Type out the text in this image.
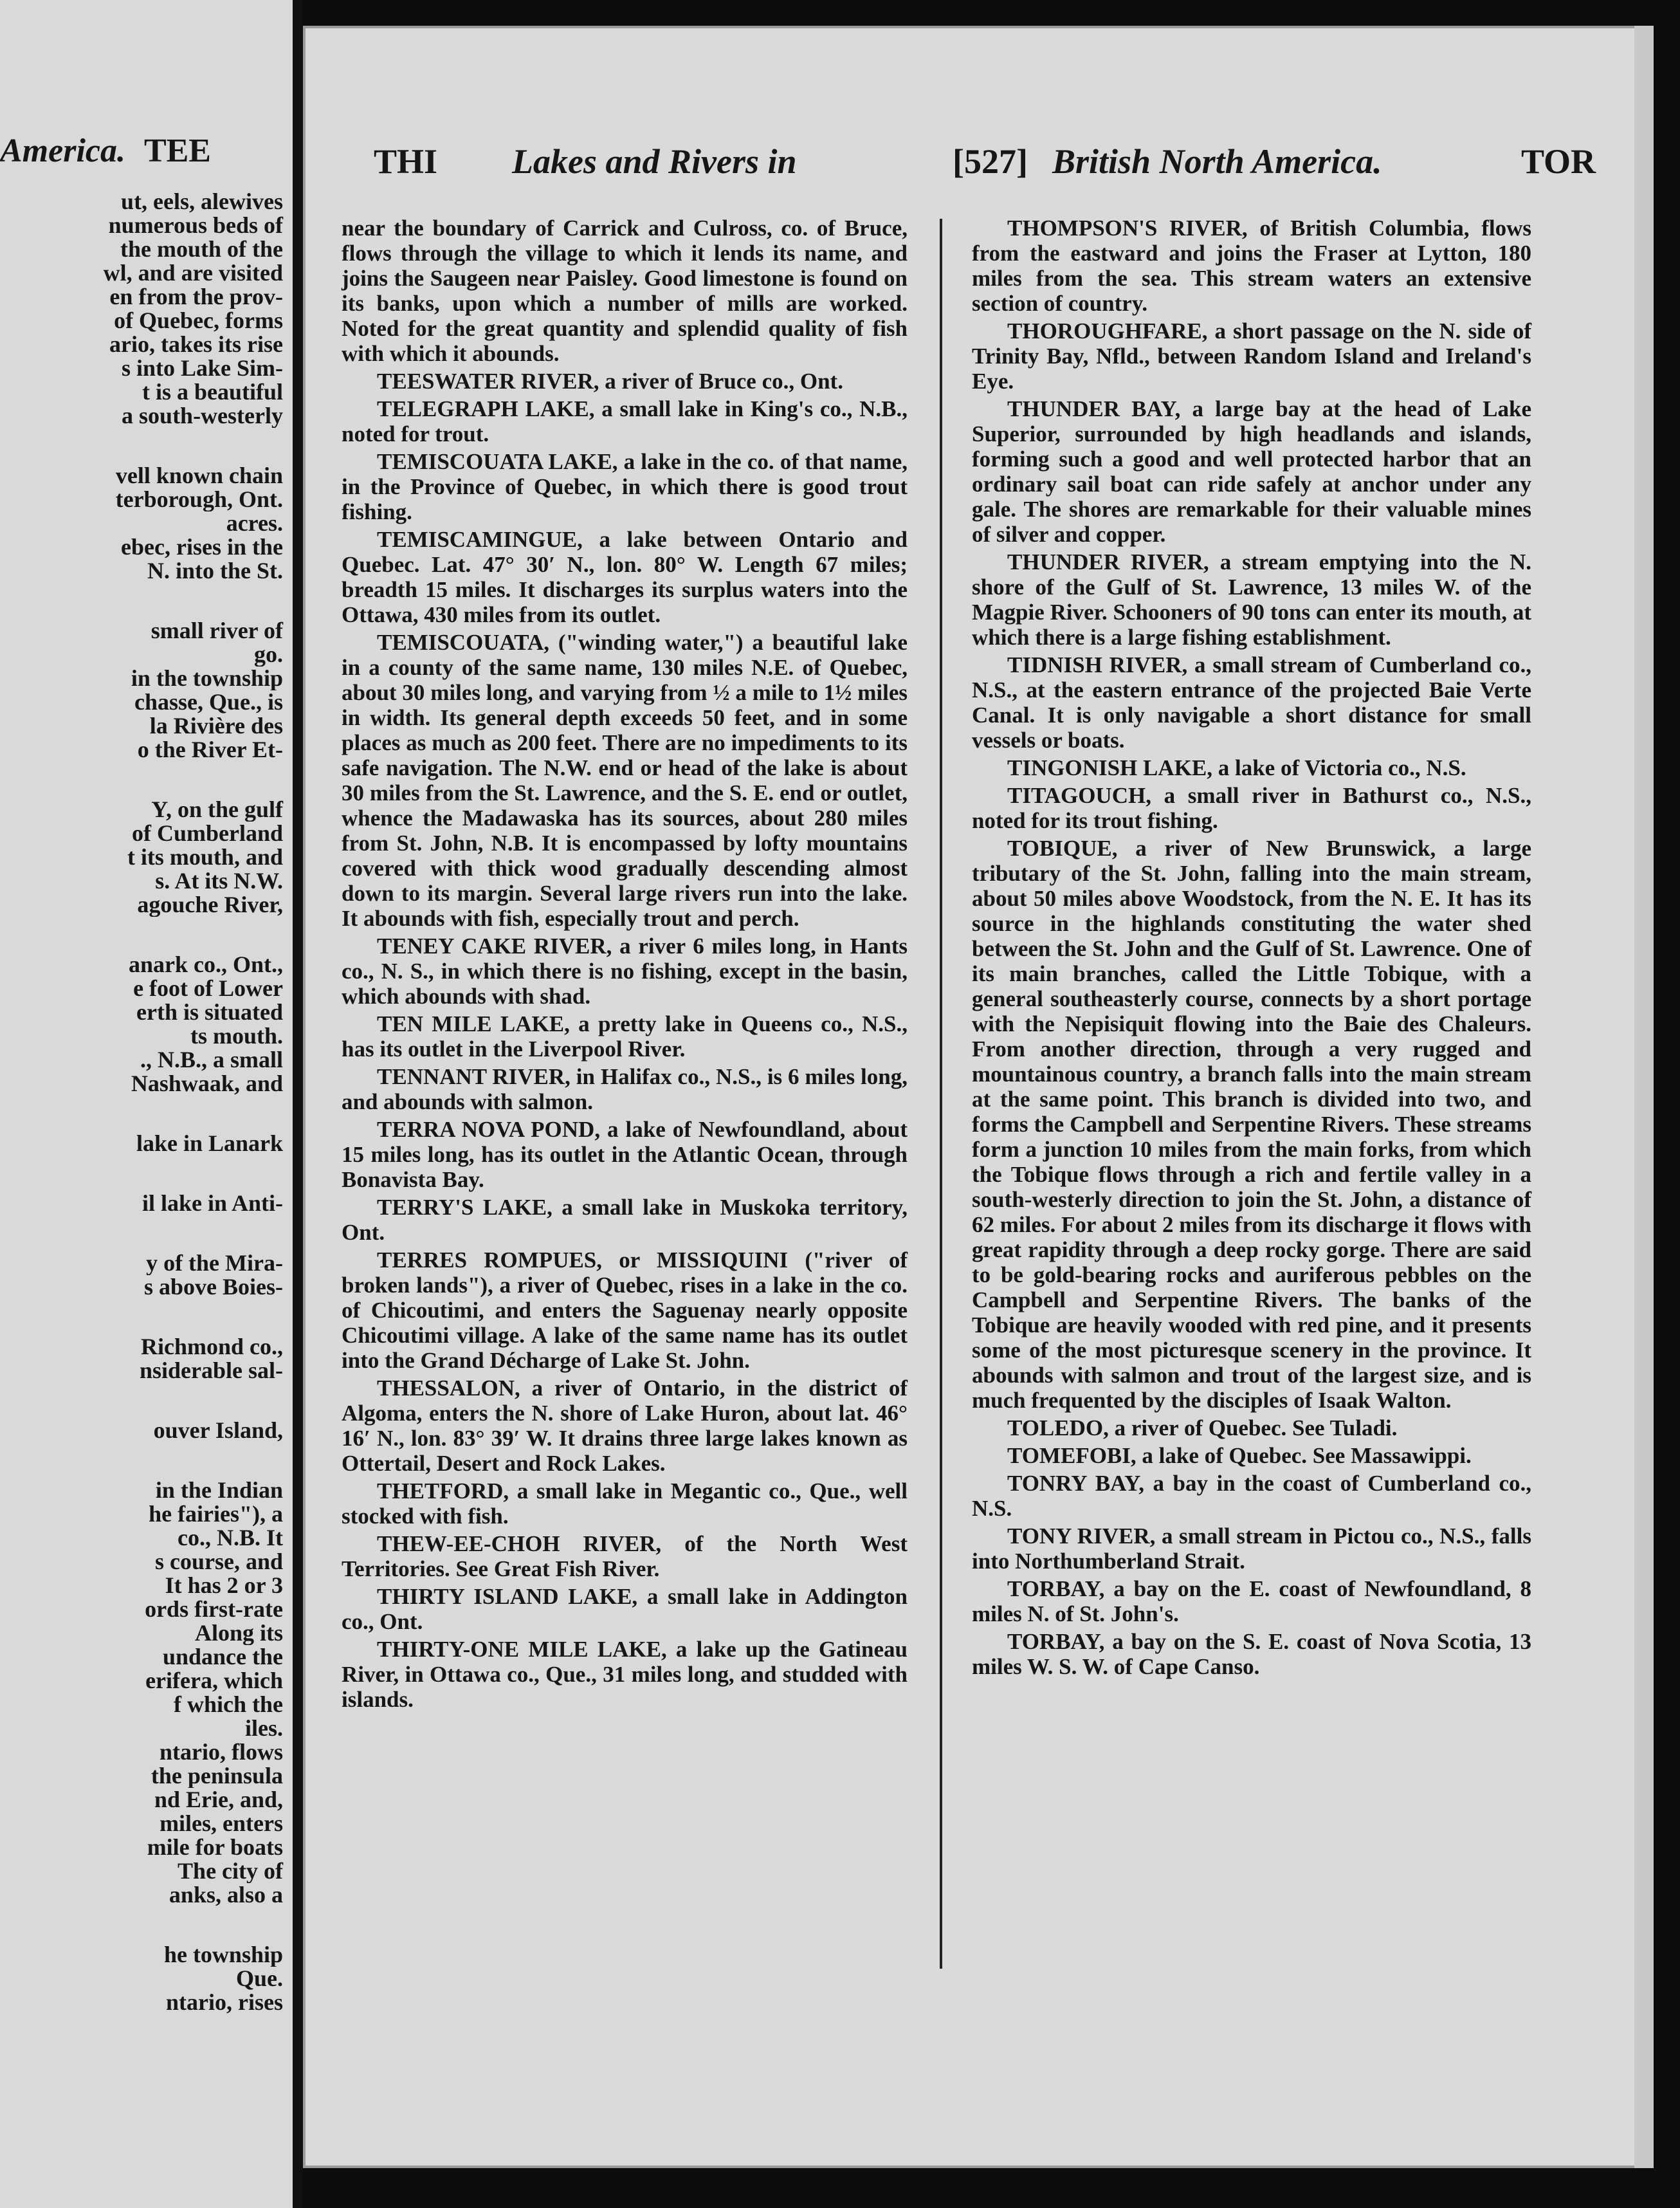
America. TEE
ut, eels, alewives
numerous beds of
the mouth of the
wl, and are visited
en from the prov-
of Quebec, forms
ario, takes its rise
s into Lake Sim-
t is a beautiful
a south-westerly
vell known chain
terborough, Ont.
acres.
ebec, rises in the
N. into the St.
small river of
go.
in the township
chasse, Que., is
la Rivière des
o the River Et-
Y, on the gulf
of Cumberland
t its mouth, and
s. At its N.W.
agouche River,
anark co., Ont.,
e foot of Lower
erth is situated
ts mouth.
., N.B., a small
Nashwaak, and
lake in Lanark
il lake in Anti-
y of the Mira-
s above Boies-
Richmond co.,
nsiderable sal-
ouver Island,
in the Indian
he fairies"), a
co., N.B. It
s course, and
It has 2 or 3
ords first-rate
Along its
undance the
erifera, which
f which the
iles.
ntario, flows
the peninsula
nd Erie, and,
miles, enters
mile for boats
The city of
anks, also a
he township
Que.
ntario, rises
THI Lakes and Rivers in	[527] British North America.	TOR

near the boundary of Carrick and Culross, co. of Bruce, flows through the village to which it lends its name, and joins the Saugeen near Paisley. Good limestone is found on its banks, upon which a number of mills are worked. Noted for the great quantity and splendid quality of fish with which it abounds.

TEESWATER RIVER, a river of Bruce co., Ont.

TELEGRAPH LAKE, a small lake in King's co., N.B., noted for trout.

TEMISCOUATA LAKE, a lake in the co. of that name, in the Province of Quebec, in which there is good trout fishing.

TEMISCAMINGUE, a lake between Ontario and Quebec. Lat. 47° 30′ N., lon. 80° W. Length 67 miles; breadth 15 miles. It discharges its surplus waters into the Ottawa, 430 miles from its outlet.

TEMISCOUATA, ("winding water,") a beautiful lake in a county of the same name, 130 miles N.E. of Quebec, about 30 miles long, and varying from ½ a mile to 1½ miles in width. Its general depth exceeds 50 feet, and in some places as much as 200 feet. There are no impediments to its safe navigation. The N.W. end or head of the lake is about 30 miles from the St. Lawrence, and the S. E. end or outlet, whence the Madawaska has its sources, about 280 miles from St. John, N.B. It is encompassed by lofty mountains covered with thick wood gradually descending almost down to its margin. Several large rivers run into the lake. It abounds with fish, especially trout and perch.

TENEY CAKE RIVER, a river 6 miles long, in Hants co., N. S., in which there is no fishing, except in the basin, which abounds with shad.

TEN MILE LAKE, a pretty lake in Queens co., N.S., has its outlet in the Liverpool River.

TENNANT RIVER, in Halifax co., N.S., is 6 miles long, and abounds with salmon.

TERRA NOVA POND, a lake of Newfoundland, about 15 miles long, has its outlet in the Atlantic Ocean, through Bonavista Bay.

TERRY'S LAKE, a small lake in Muskoka territory, Ont.

TERRES ROMPUES, or MISSIQUINI ("river of broken lands"), a river of Quebec, rises in a lake in the co. of Chicoutimi, and enters the Saguenay nearly opposite Chicoutimi village. A lake of the same name has its outlet into the Grand Décharge of Lake St. John.

THESSALON, a river of Ontario, in the district of Algoma, enters the N. shore of Lake Huron, about lat. 46° 16′ N., lon. 83° 39′ W. It drains three large lakes known as Ottertail, Desert and Rock Lakes.

THETFORD, a small lake in Megantic co., Que., well stocked with fish.

THEW-EE-CHOH RIVER, of the North West Territories. See Great Fish River.

THIRTY ISLAND LAKE, a small lake in Addington co., Ont.

THIRTY-ONE MILE LAKE, a lake up the Gatineau River, in Ottawa co., Que., 31 miles long, and studded with islands.

THOMPSON'S RIVER, of British Columbia, flows from the eastward and joins the Fraser at Lytton, 180 miles from the sea. This stream waters an extensive section of country.

THOROUGHFARE, a short passage on the N. side of Trinity Bay, Nfld., between Random Island and Ireland's Eye.

THUNDER BAY, a large bay at the head of Lake Superior, surrounded by high headlands and islands, forming such a good and well protected harbor that an ordinary sail boat can ride safely at anchor under any gale. The shores are remarkable for their valuable mines of silver and copper.

THUNDER RIVER, a stream emptying into the N. shore of the Gulf of St. Lawrence, 13 miles W. of the Magpie River. Schooners of 90 tons can enter its mouth, at which there is a large fishing establishment.

TIDNISH RIVER, a small stream of Cumberland co., N.S., at the eastern entrance of the projected Baie Verte Canal. It is only navigable a short distance for small vessels or boats.

TINGONISH LAKE, a lake of Victoria co., N.S.

TITAGOUCH, a small river in Bathurst co., N.S., noted for its trout fishing.

TOBIQUE, a river of New Brunswick, a large tributary of the St. John, falling into the main stream, about 50 miles above Woodstock, from the N. E. It has its source in the highlands constituting the water shed between the St. John and the Gulf of St. Lawrence. One of its main branches, called the Little Tobique, with a general southeasterly course, connects by a short portage with the Nepisiquit flowing into the Baie des Chaleurs. From another direction, through a very rugged and mountainous country, a branch falls into the main stream at the same point. This branch is divided into two, and forms the Campbell and Serpentine Rivers. These streams form a junction 10 miles from the main forks, from which the Tobique flows through a rich and fertile valley in a south-westerly direction to join the St. John, a distance of 62 miles. For about 2 miles from its discharge it flows with great rapidity through a deep rocky gorge. There are said to be gold-bearing rocks and auriferous pebbles on the Campbell and Serpentine Rivers. The banks of the Tobique are heavily wooded with red pine, and it presents some of the most picturesque scenery in the province. It abounds with salmon and trout of the largest size, and is much frequented by the disciples of Isaak Walton.

TOLEDO, a river of Quebec. See Tuladi.

TOMEFOBI, a lake of Quebec. See Massawippi.

TONRY BAY, a bay in the coast of Cumberland co., N.S.

TONY RIVER, a small stream in Pictou co., N.S., falls into Northumberland Strait.

TORBAY, a bay on the E. coast of Newfoundland, 8 miles N. of St. John's.

TORBAY, a bay on the S. E. coast of Nova Scotia, 13 miles W. S. W. of Cape Canso.
